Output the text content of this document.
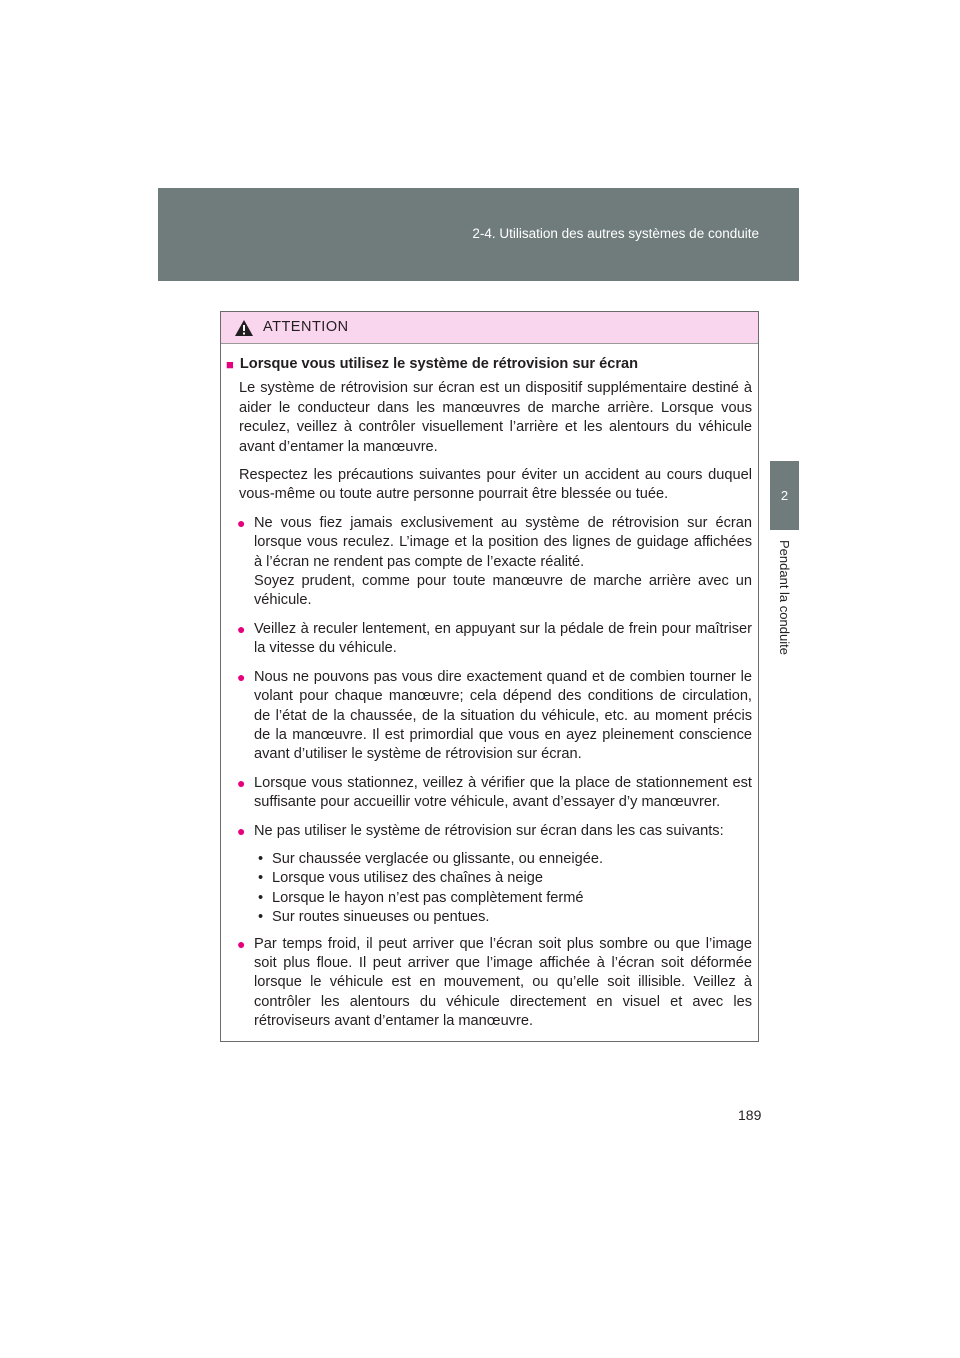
2-4. Utilisation des autres systèmes de conduite
2
Pendant la conduite
ATTENTION
■ Lorsque vous utilisez le système de rétrovision sur écran
Le système de rétrovision sur écran est un dispositif supplémentaire destiné à aider le conducteur dans les manœuvres de marche arrière. Lorsque vous reculez, veillez à contrôler visuellement l’arrière et les alentours du véhicule avant d’entamer la manœuvre.
Respectez les précautions suivantes pour éviter un accident au cours duquel vous-même ou toute autre personne pourrait être blessée ou tuée.
● Ne vous fiez jamais exclusivement au système de rétrovision sur écran lorsque vous reculez. L’image et la position des lignes de guidage affichées à l’écran ne rendent pas compte de l’exacte réalité.
Soyez prudent, comme pour toute manœuvre de marche arrière avec un véhicule.
● Veillez à reculer lentement, en appuyant sur la pédale de frein pour maîtriser la vitesse du véhicule.
● Nous ne pouvons pas vous dire exactement quand et de combien tourner le volant pour chaque manœuvre; cela dépend des conditions de circulation, de l’état de la chaussée, de la situation du véhicule, etc. au moment précis de la manœuvre. Il est primordial que vous en ayez pleinement conscience avant d’utiliser le système de rétrovision sur écran.
● Lorsque vous stationnez, veillez à vérifier que la place de stationnement est suffisante pour accueillir votre véhicule, avant d’essayer d’y manœuvrer.
● Ne pas utiliser le système de rétrovision sur écran dans les cas suivants:
• Sur chaussée verglacée ou glissante, ou enneigée.
• Lorsque vous utilisez des chaînes à neige
• Lorsque le hayon n’est pas complètement fermé
• Sur routes sinueuses ou pentues.
● Par temps froid, il peut arriver que l’écran soit plus sombre ou que l’image soit plus floue. Il peut arriver que l’image affichée à l’écran soit déformée lorsque le véhicule est en mouvement, ou qu’elle soit illisible. Veillez à contrôler les alentours du véhicule directement en visuel et avec les rétroviseurs avant d’entamer la manœuvre.
189
